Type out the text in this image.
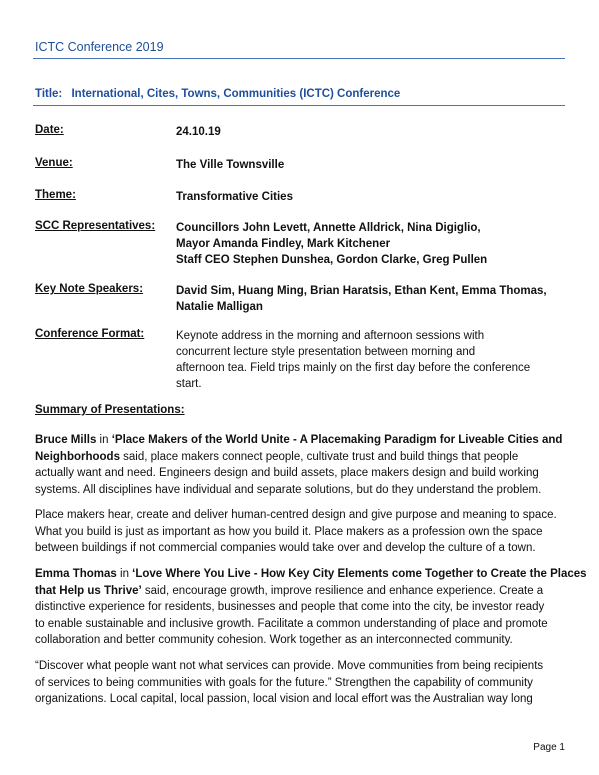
ICTC Conference 2019
Title: International, Cites, Towns, Communities (ICTC) Conference
Date:	24.10.19
Venue:	The Ville Townsville
Theme:	Transformative Cities
SCC Representatives:	Councillors John Levett, Annette Alldrick, Nina Digiglio,
Mayor Amanda Findley, Mark Kitchener
Staff CEO Stephen Dunshea, Gordon Clarke, Greg Pullen
Key Note Speakers:	David Sim, Huang Ming, Brian Haratsis, Ethan Kent, Emma Thomas,
Natalie Malligan
Conference Format:	Keynote address in the morning and afternoon sessions with
concurrent lecture style presentation between morning and
afternoon tea. Field trips mainly on the first day before the conference
start.
Summary of Presentations:
Bruce Mills in ‘Place Makers of the World Unite - A Placemaking Paradigm for Liveable Cities and
Neighborhoods said, place makers connect people, cultivate trust and build things that people
actually want and need. Engineers design and build assets, place makers design and build working
systems. All disciplines have individual and separate solutions, but do they understand the problem.
Place makers hear, create and deliver human-centred design and give purpose and meaning to space.
What you build is just as important as how you build it. Place makers as a profession own the space
between buildings if not commercial companies would take over and develop the culture of a town.
Emma Thomas in ‘Love Where You Live - How Key City Elements come Together to Create the Places
that Help us Thrive’ said, encourage growth, improve resilience and enhance experience. Create a
distinctive experience for residents, businesses and people that come into the city, be investor ready
to enable sustainable and inclusive growth. Facilitate a common understanding of place and promote
collaboration and better community cohesion. Work together as an interconnected community.
“Discover what people want not what services can provide. Move communities from being recipients
of services to being communities with goals for the future.” Strengthen the capability of community
organizations. Local capital, local passion, local vision and local effort was the Australian way long
Page 1
